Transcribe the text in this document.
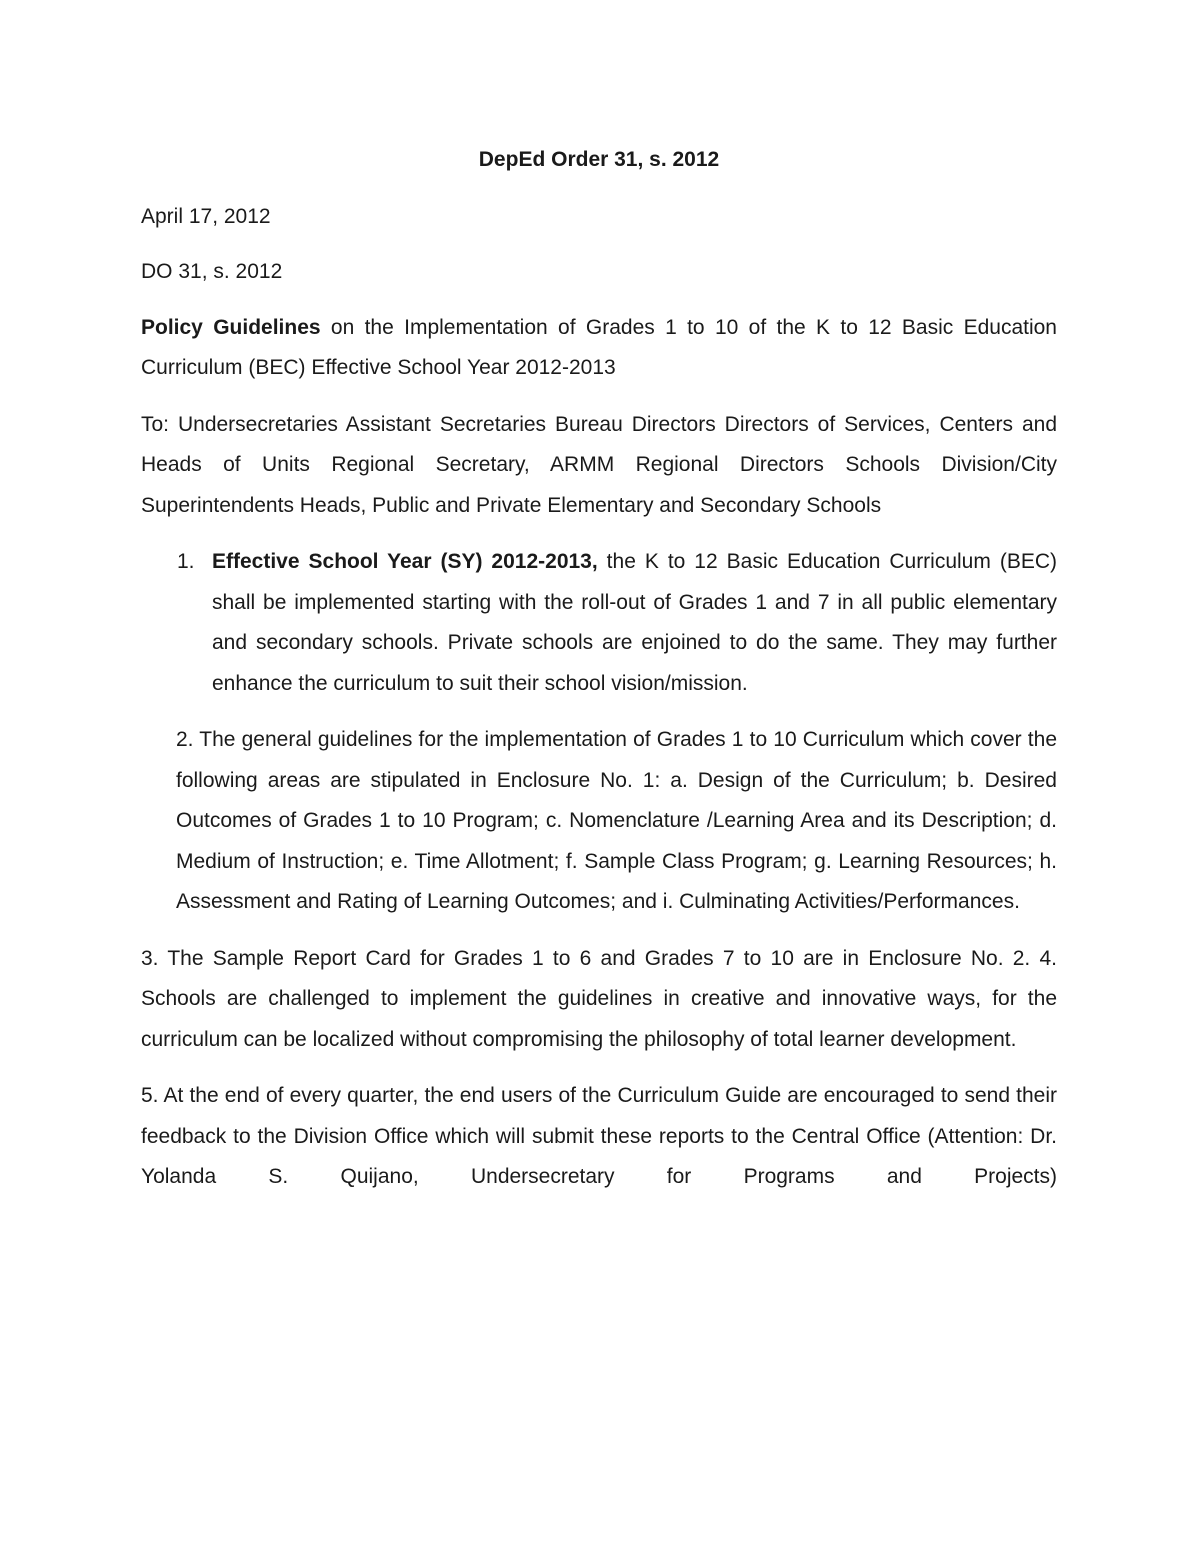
DepEd Order 31, s. 2012
April 17, 2012
DO 31, s. 2012

Policy Guidelines on the Implementation of Grades 1 to 10 of the K to 12 Basic Education Curriculum (BEC) Effective School Year 2012-2013

To: Undersecretaries Assistant Secretaries Bureau Directors Directors of Services, Centers and Heads of Units Regional Secretary, ARMM Regional Directors Schools Division/City Superintendents Heads, Public and Private Elementary and Secondary Schools

1. Effective School Year (SY) 2012-2013, the K to 12 Basic Education Curriculum (BEC) shall be implemented starting with the roll-out of Grades 1 and 7 in all public elementary and secondary schools. Private schools are enjoined to do the same. They may further enhance the curriculum to suit their school vision/mission.

2. The general guidelines for the implementation of Grades 1 to 10 Curriculum which cover the following areas are stipulated in Enclosure No. 1: a. Design of the Curriculum; b. Desired Outcomes of Grades 1 to 10 Program; c. Nomenclature /Learning Area and its Description; d. Medium of Instruction; e. Time Allotment; f. Sample Class Program; g. Learning Resources; h. Assessment and Rating of Learning Outcomes; and i. Culminating Activities/Performances.

3. The Sample Report Card for Grades 1 to 6 and Grades 7 to 10 are in Enclosure No. 2. 4. Schools are challenged to implement the guidelines in creative and innovative ways, for the curriculum can be localized without compromising the philosophy of total learner development.

5. At the end of every quarter, the end users of the Curriculum Guide are encouraged to send their feedback to the Division Office which will submit these reports to the Central Office (Attention: Dr. Yolanda S. Quijano, Undersecretary for Programs and Projects)
